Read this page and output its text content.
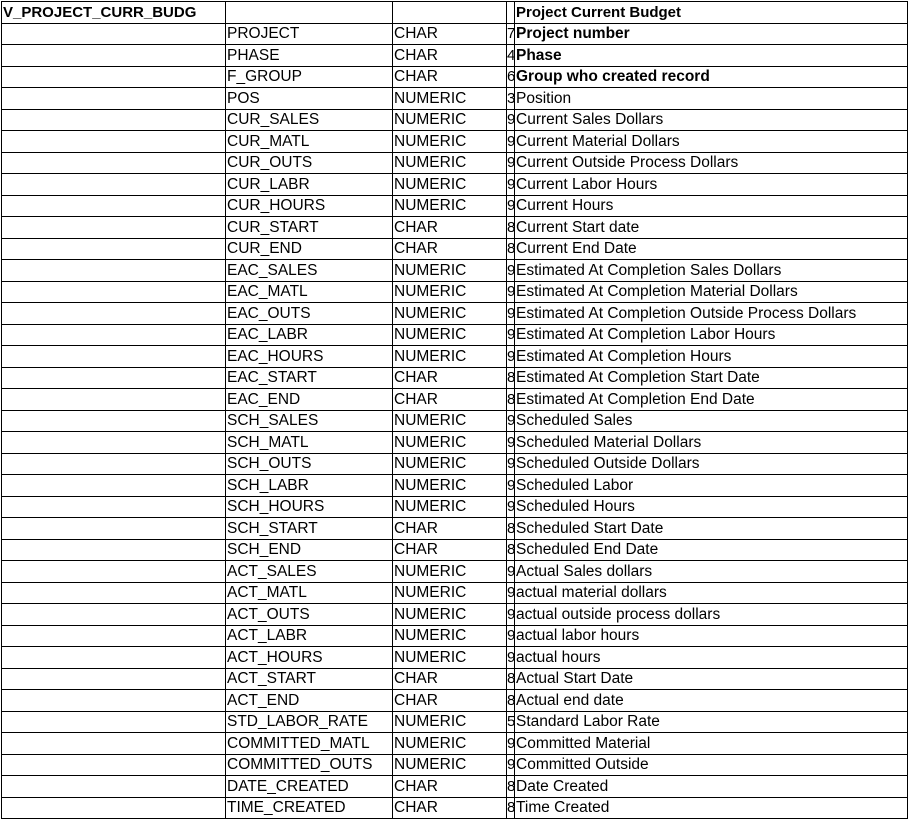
V_PROJECT_CURR_BUDG				Project Current Budget
	PROJECT	CHAR	7	Project number
	PHASE	CHAR	4	Phase
	F_GROUP	CHAR	6	Group who created record
	POS	NUMERIC	3	Position
	CUR_SALES	NUMERIC	9	Current Sales Dollars
	CUR_MATL	NUMERIC	9	Current Material Dollars
	CUR_OUTS	NUMERIC	9	Current Outside Process Dollars
	CUR_LABR	NUMERIC	9	Current Labor Hours
	CUR_HOURS	NUMERIC	9	Current Hours
	CUR_START	CHAR	8	Current Start date
	CUR_END	CHAR	8	Current End Date
	EAC_SALES	NUMERIC	9	Estimated At Completion Sales Dollars
	EAC_MATL	NUMERIC	9	Estimated At Completion Material Dollars
	EAC_OUTS	NUMERIC	9	Estimated At Completion Outside Process Dollars
	EAC_LABR	NUMERIC	9	Estimated At Completion Labor Hours
	EAC_HOURS	NUMERIC	9	Estimated At Completion Hours
	EAC_START	CHAR	8	Estimated At Completion Start Date
	EAC_END	CHAR	8	Estimated At Completion End Date
	SCH_SALES	NUMERIC	9	Scheduled Sales
	SCH_MATL	NUMERIC	9	Scheduled Material Dollars
	SCH_OUTS	NUMERIC	9	Scheduled Outside Dollars
	SCH_LABR	NUMERIC	9	Scheduled Labor
	SCH_HOURS	NUMERIC	9	Scheduled Hours
	SCH_START	CHAR	8	Scheduled Start Date
	SCH_END	CHAR	8	Scheduled End Date
	ACT_SALES	NUMERIC	9	Actual Sales dollars
	ACT_MATL	NUMERIC	9	actual material dollars
	ACT_OUTS	NUMERIC	9	actual outside process dollars
	ACT_LABR	NUMERIC	9	actual labor hours
	ACT_HOURS	NUMERIC	9	actual hours
	ACT_START	CHAR	8	Actual Start Date
	ACT_END	CHAR	8	Actual end date
	STD_LABOR_RATE	NUMERIC	5	Standard Labor Rate
	COMMITTED_MATL	NUMERIC	9	Committed Material
	COMMITTED_OUTS	NUMERIC	9	Committed Outside
	DATE_CREATED	CHAR	8	Date Created
	TIME_CREATED	CHAR	8	Time Created
